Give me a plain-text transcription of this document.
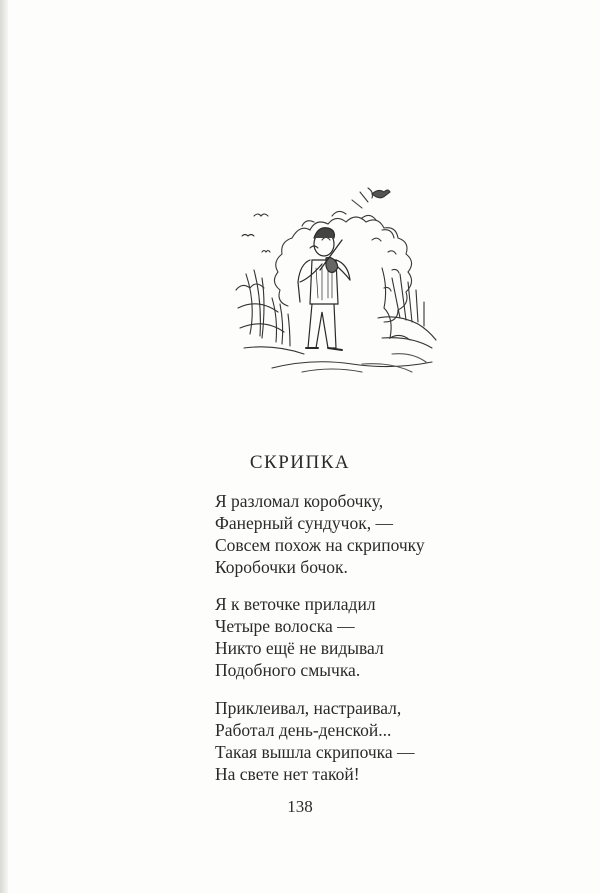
СКРИПКА
Я разломал коробочку,
Фанерный сундучок, —
Совсем похож на скрипочку
Коробочки бочок.
Я к веточке приладил
Четыре волоска —
Никто ещё не видывал
Подобного смычка.
Приклеивал, настраивал,
Работал день-денской...
Такая вышла скрипочка —
На свете нет такой!
138
